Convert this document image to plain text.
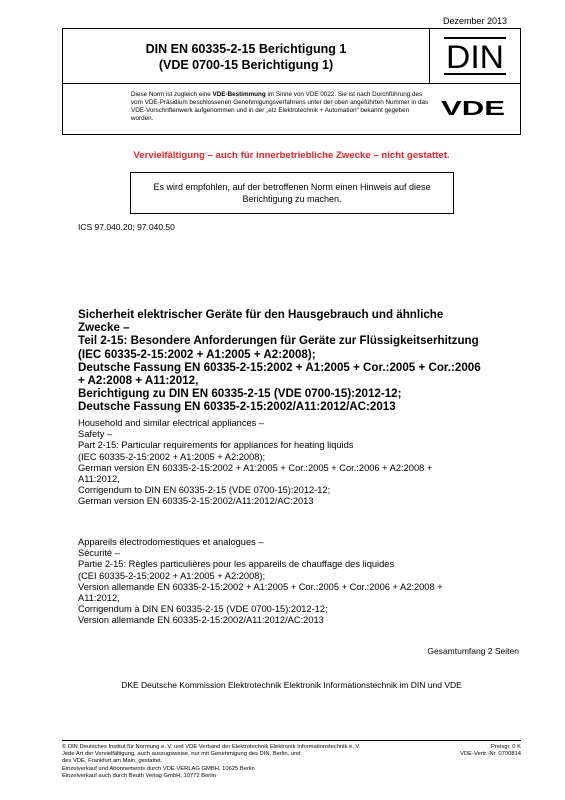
Dezember 2013
DIN EN 60335-2-15 Berichtigung 1
(VDE 0700-15 Berichtigung 1)	DIN
Diese Norm ist zugleich eine VDE-Bestimmung im Sinne von VDE 0022. Sie ist nach Durchführung des vom VDE-Präsidium beschlossenen Genehmigungsverfahrens unter der oben angeführten Nummer in das VDE-Vorschriftenwerk aufgenommen und in der „etz Elektrotechnik + Automation“ bekannt gegeben worden.	VDE
Vervielfältigung – auch für innerbetriebliche Zwecke – nicht gestattet.
Es wird empfohlen, auf der betroffenen Norm einen Hinweis auf diese Berichtigung zu machen.
ICS 97.040.20; 97.040.50
Sicherheit elektrischer Geräte für den Hausgebrauch und ähnliche
Zwecke –
Teil 2-15: Besondere Anforderungen für Geräte zur Flüssigkeitserhitzung
(IEC 60335-2-15:2002 + A1:2005 + A2:2008);
Deutsche Fassung EN 60335-2-15:2002 + A1:2005 + Cor.:2005 + Cor.:2006
+ A2:2008 + A11:2012,
Berichtigung zu DIN EN 60335-2-15 (VDE 0700-15):2012-12;
Deutsche Fassung EN 60335-2-15:2002/A11:2012/AC:2013
Household and similar electrical appliances –
Safety –
Part 2-15: Particular requirements for appliances for heating liquids
(IEC 60335-2-15:2002 + A1:2005 + A2:2008);
German version EN 60335-2-15:2002 + A1:2005 + Cor.:2005 + Cor.:2006 + A2:2008 +
A11:2012,
Corrigendum to DIN EN 60335-2-15 (VDE 0700-15):2012-12;
German version EN 60335-2-15:2002/A11:2012/AC:2013
Appareils électrodomestiques et analogues –
Sécurité –
Partie 2-15: Règles particulières pour les appareils de chauffage des liquides
(CEI 60335-2-15:2002 + A1:2005 + A2:2008);
Version allemande EN 60335-2-15:2002 + A1:2005 + Cor.:2005 + Cor.:2006 + A2:2008 +
A11:2012,
Corrigendum à DIN EN 60335-2-15 (VDE 0700-15):2012-12;
Version allemande EN 60335-2-15:2002/A11:2012/AC:2013
Gesamtumfang 2 Seiten
DKE Deutsche Kommission Elektrotechnik Elektronik Informationstechnik im DIN und VDE
© DIN Deutsches Institut für Normung e. V. und VDE Verband der Elektrotechnik Elektronik Informationstechnik e. V.
Jede Art der Vervielfältigung, auch auszugsweise, nur mit Genehmigung des DIN, Berlin, und
des VDE, Frankfurt am Main, gestattet.
Einzelverkauf und Abonnements durch VDE VERLAG GMBH, 10625 Berlin
Einzelverkauf auch durch Beuth Verlag GmbH, 10772 Berlin
Preisgr. 0 K
VDE-Vertr.-Nr. 0700814
